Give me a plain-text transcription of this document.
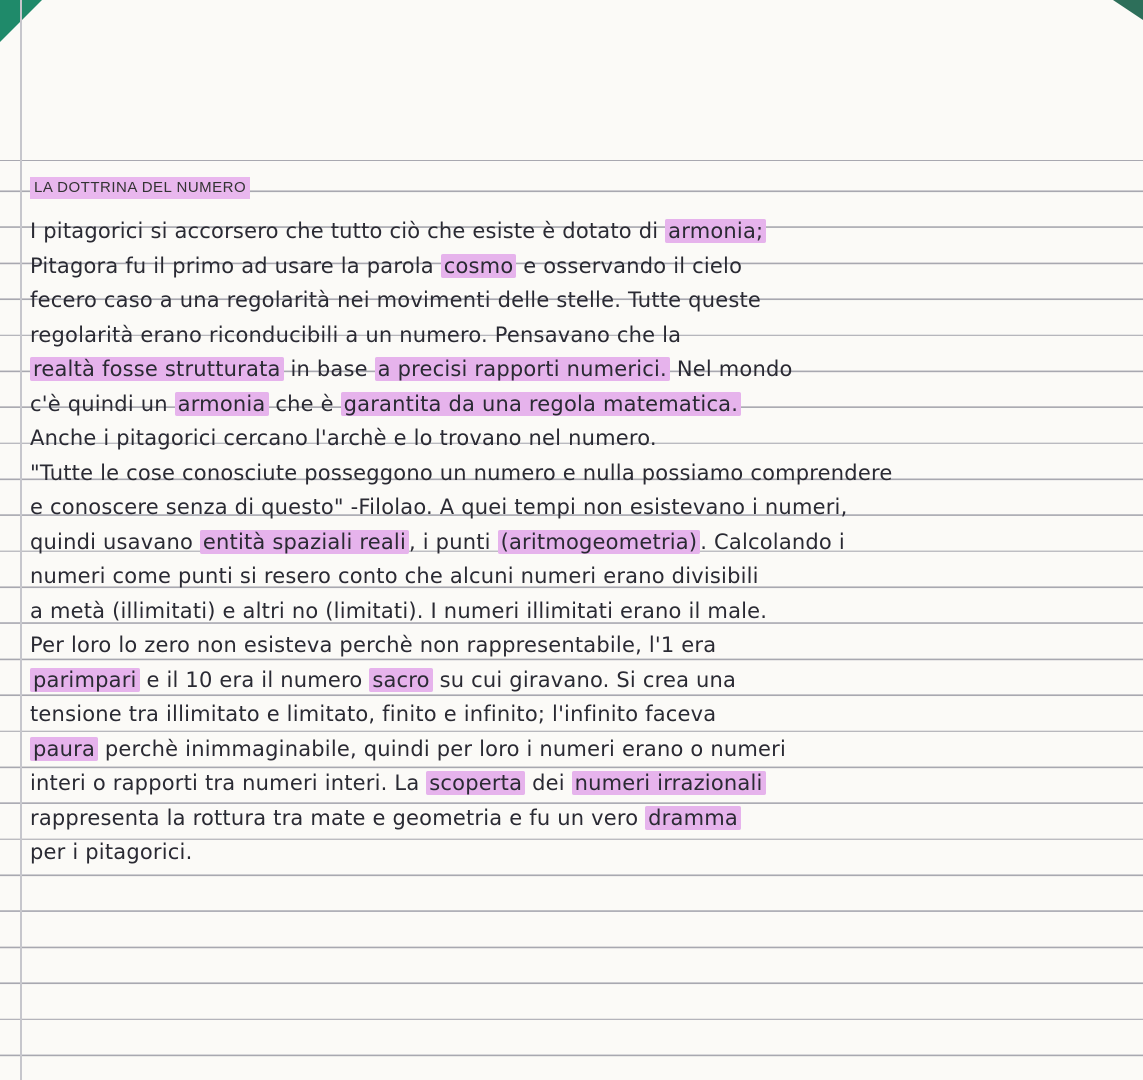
LA DOTTRINA DEL NUMERO
I pitagorici si accorsero che tutto ciò che esiste è dotato di armonia;
Pitagora fu il primo ad usare la parola cosmo e osservando il cielo
fecero caso a una regolarità nei movimenti delle stelle. Tutte queste
regolarità erano riconducibili a un numero. Pensavano che la
realtà fosse strutturata in base a precisi rapporti numerici. Nel mondo
c'è quindi un armonia che è garantita da una regola matematica.
Anche i pitagorici cercano l'archè e lo trovano nel numero.
"Tutte le cose conosciute posseggono un numero e nulla possiamo comprendere
e conoscere senza di questo" -Filolao. A quei tempi non esistevano i numeri,
quindi usavano entità spaziali reali , i punti (aritmogeometria) . Calcolando i
numeri come punti si resero conto che alcuni numeri erano divisibili
a metà (illimitati) e altri no (limitati). I numeri illimitati erano il male.
Per loro lo zero non esisteva perchè non rappresentabile, l'1 era
parimpari e il 10 era il numero sacro su cui giravano. Si crea una
tensione tra illimitato e limitato, finito e infinito; l'infinito faceva
paura perchè inimmaginabile, quindi per loro i numeri erano o numeri
interi o rapporti tra numeri interi. La scoperta dei numeri irrazionali
rappresenta la rottura tra mate e geometria e fu un vero dramma
per i pitagorici.
